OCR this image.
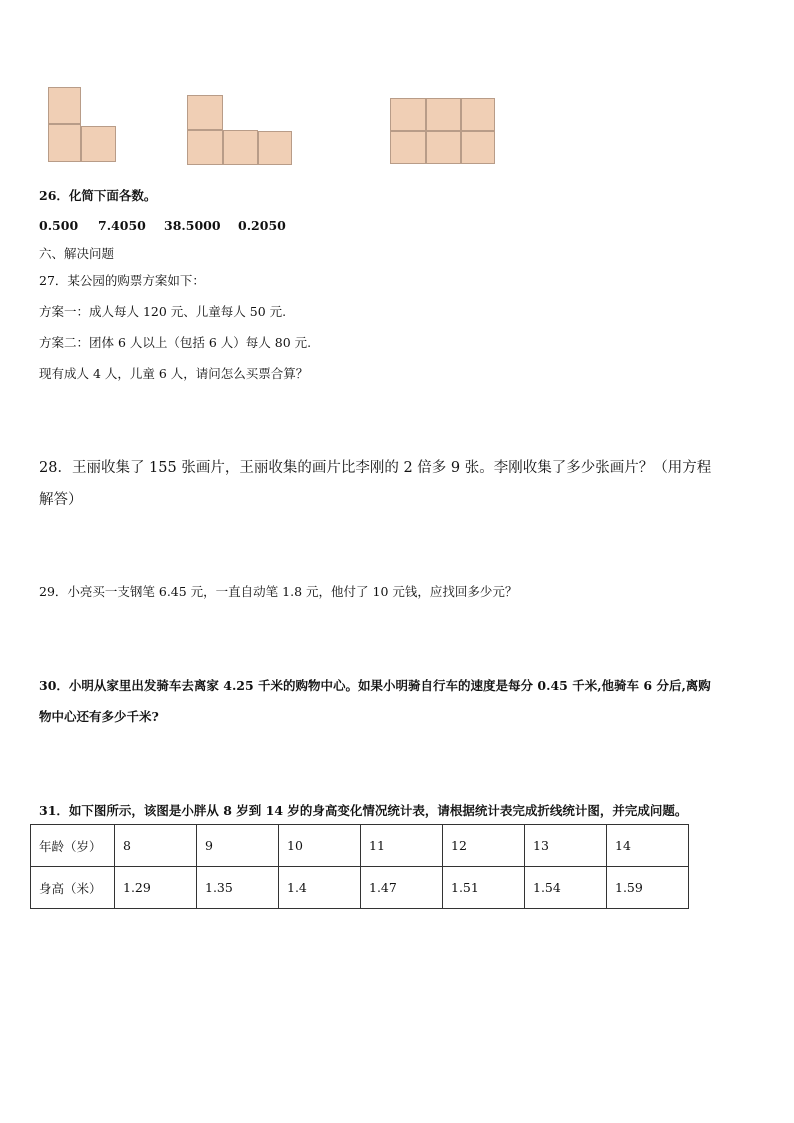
26．化简下面各数。
0.500 7.4050 38.5000 0.2050
六、解决问题
27．某公园的购票方案如下：
方案一：成人每人 120 元、儿童每人 50 元.
方案二：团体 6 人以上（包括 6 人）每人 80 元.
现有成人 4 人，儿童 6 人，请问怎么买票合算？
28．王丽收集了 155 张画片，王丽收集的画片比李刚的 2 倍多 9 张。李刚收集了多少张画片？（用方程
解答）
29．小亮买一支钢笔 6.45 元，一直自动笔 1.8 元，他付了 10 元钱，应找回多少元？
30．小明从家里出发骑车去离家 4.25 千米的购物中心。如果小明骑自行车的速度是每分 0.45 千米,他骑车 6 分后,离购
物中心还有多少千米?
31．如下图所示，该图是小胖从 8 岁到 14 岁的身高变化情况统计表，请根据统计表完成折线统计图，并完成问题。
年龄（岁）	8	9	10	11	12	13	14
身高（米）	1.29	1.35	1.4	1.47	1.51	1.54	1.59
